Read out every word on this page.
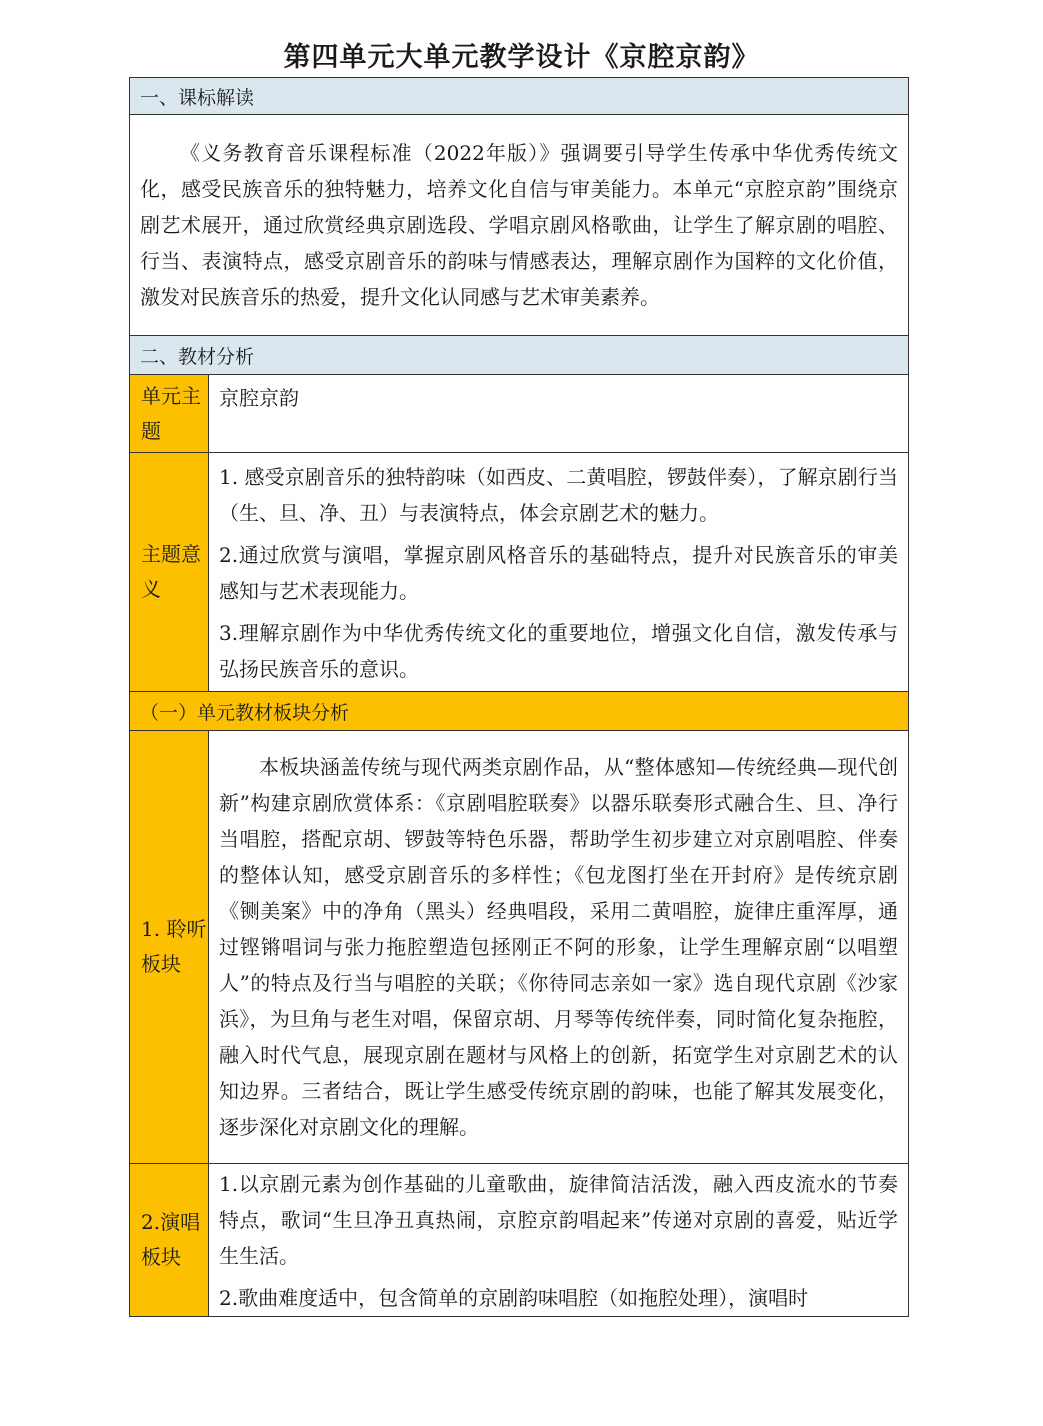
第四单元大单元教学设计《京腔京韵》
一、课标解读	

《义务教育音乐课程标准（2022年版）》强调要引导学生传承中华优秀传统文化，感受民族音乐的独特魅力，培养文化自信与审美能力。本单元“京腔京韵”围绕京剧艺术展开，通过欣赏经典京剧选段、学唱京剧风格歌曲，让学生了解京剧的唱腔、行当、表演特点，感受京剧音乐的韵味与情感表达，理解京剧作为国粹的文化价值，激发对民族音乐的热爱，提升文化认同感与艺术审美素养。	

二、教材分析	
单元主题	京腔京韵

主题意义	1. 感受京剧音乐的独特韵味（如西皮、二黄唱腔，锣鼓伴奏），了解京剧行当（生、旦、净、丑）与表演特点，体会京剧艺术的魅力。

2.通过欣赏与演唱，掌握京剧风格音乐的基础特点，提升对民族音乐的审美感知与艺术表现能力。

3.理解京剧作为中华优秀传统文化的重要地位，增强文化自信，激发传承与弘扬民族音乐的意识。

（一）单元教材板块分析	
1. 聆听板块	本板块涵盖传统与现代两类京剧作品，从“整体感知—传统经典—现代创新”构建京剧欣赏体系：《京剧唱腔联奏》以器乐联奏形式融合生、旦、净行当唱腔，搭配京胡、锣鼓等特色乐器，帮助学生初步建立对京剧唱腔、伴奏的整体认知，感受京剧音乐的多样性；《包龙图打坐在开封府》是传统京剧《铡美案》中的净角（黑头）经典唱段，采用二黄唱腔，旋律庄重浑厚，通过铿锵唱词与张力拖腔塑造包拯刚正不阿的形象，让学生理解京剧“以唱塑人”的特点及行当与唱腔的关联；《你待同志亲如一家》选自现代京剧《沙家浜》，为旦角与老生对唱，保留京胡、月琴等传统伴奏，同时简化复杂拖腔，融入时代气息，展现京剧在题材与风格上的创新，拓宽学生对京剧艺术的认知边界。三者结合，既让学生感受传统京剧的韵味，也能了解其发展变化，逐步深化对京剧文化的理解。

2.演唱板块	1.以京剧元素为创作基础的儿童歌曲，旋律简洁活泼，融入西皮流水的节奏特点，歌词“生旦净丑真热闹，京腔京韵唱起来”传递对京剧的喜爱，贴近学生生活。

2.歌曲难度适中，包含简单的京剧韵味唱腔（如拖腔处理），演唱时
